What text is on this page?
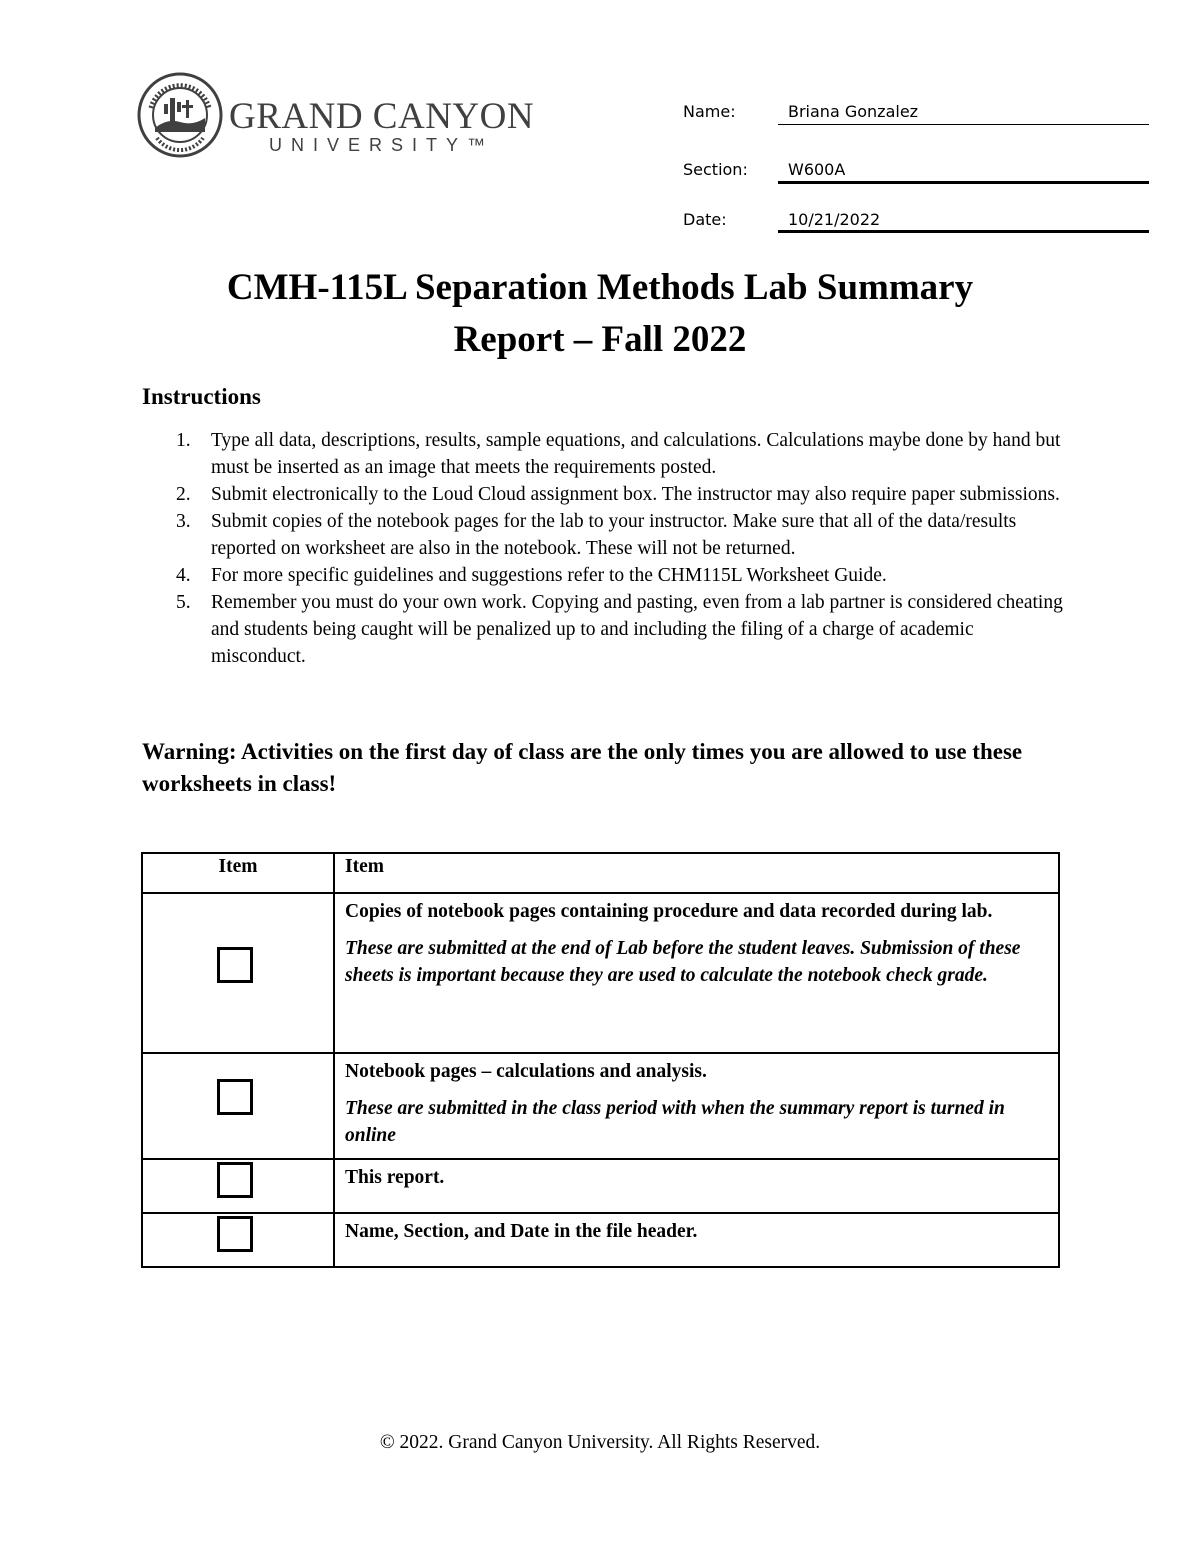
GRAND CANYON
UNIVERSITY™
Name:	Briana Gonzalez
Section:	W600A
Date:	10/21/2022
CMH-115L Separation Methods Lab Summary
Report – Fall 2022
Instructions
1. Type all data, descriptions, results, sample equations, and calculations. Calculations maybe done by hand but must be inserted as an image that meets the requirements posted.
2. Submit electronically to the Loud Cloud assignment box. The instructor may also require paper submissions.
3. Submit copies of the notebook pages for the lab to your instructor. Make sure that all of the data/results reported on worksheet are also in the notebook. These will not be returned.
4. For more specific guidelines and suggestions refer to the CHM115L Worksheet Guide.
5. Remember you must do your own work. Copying and pasting, even from a lab partner is considered cheating and students being caught will be penalized up to and including the filing of a charge of academic misconduct.
Warning: Activities on the first day of class are the only times you are allowed to use these worksheets in class!
Item	Item

	Copies of notebook pages containing procedure and data recorded during lab.
These are submitted at the end of Lab before the student leaves. Submission of these sheets is important because they are used to calculate the notebook check grade.

	Notebook pages – calculations and analysis.
These are submitted in the class period with when the summary report is turned in online

	This report.

	Name, Section, and Date in the file header.
© 2022. Grand Canyon University. All Rights Reserved.
